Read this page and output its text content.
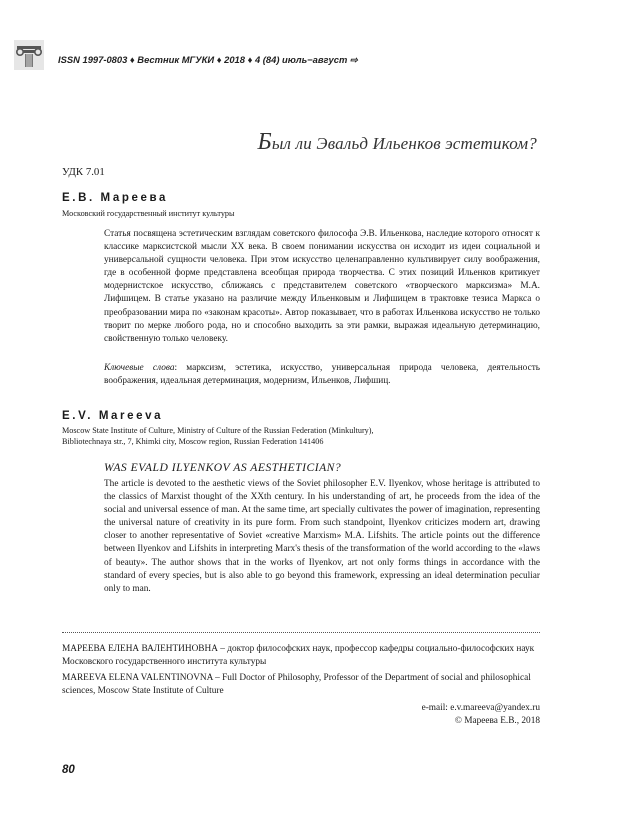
ISSN 1997-0803 ♦ Вестник МГУКИ ♦ 2018 ♦ 4 (84) июль−август ⇨
Был ли Эвальд Ильенков эстетиком?
УДК 7.01
Е.В. Мареева
Московский государственный институт культуры
Статья посвящена эстетическим взглядам советского философа Э.В. Ильенкова, наследие которого относят к классике марксистской мысли XX века. В своем понимании искусства он исходит из идеи социальной и универсальной сущности человека. При этом искусство целенаправленно культивирует силу воображения, где в особенной форме представлена всеобщая природа творчества. С этих позиций Ильенков критикует модернистское искусство, сближаясь с представителем советского «творческого марксизма» М.А. Лифшицем. В статье указано на различие между Ильенковым и Лифшицем в трактовке тезиса Маркса о преобразовании мира по «законам красоты». Автор показывает, что в работах Ильенкова искусство не только творит по мерке любого рода, но и способно выходить за эти рамки, выражая идеальную детерминацию, свойственную только человеку.
Ключевые слова: марксизм, эстетика, искусство, универсальная природа человека, деятельность воображения, идеальная детерминация, модернизм, Ильенков, Лифшиц.
E.V. Mareeva
Moscow State Institute of Culture, Ministry of Culture of the Russian Federation (Minkultury),
Bibliotechnaya str., 7, Khimki city, Moscow region, Russian Federation 141406
WAS EVALD ILYENKOV AS AESTHETICIAN?
The article is devoted to the aesthetic views of the Soviet philosopher E.V. Ilyenkov, whose heritage is attributed to the classics of Marxist thought of the XXth century. In his understanding of art, he proceeds from the idea of the social and universal essence of man. At the same time, art specially cultivates the power of imagination, representing the universal nature of creativity in its pure form. From such standpoint, Ilyenkov criticizes modern art, drawing closer to another representative of Soviet «creative Marxism» M.A. Lifshits. The article points out the difference between Ilyenkov and Lifshits in interpreting Marx's thesis of the transformation of the world according to the «laws of beauty». The author shows that in the works of Ilyenkov, art not only forms things in accordance with the standard of every species, but is also able to go beyond this framework, expressing an ideal determination peculiar only to man.
МАРЕЕВА ЕЛЕНА ВАЛЕНТИНОВНА – доктор философских наук, профессор кафедры социально-философских наук Московского государственного института культуры
MAREEVA ELENA VALENTINOVNA – Full Doctor of Philosophy, Professor of the Department of social and philosophical sciences, Moscow State Institute of Culture
e-mail: e.v.mareeva@yandex.ru
© Мареева Е.В., 2018
80
